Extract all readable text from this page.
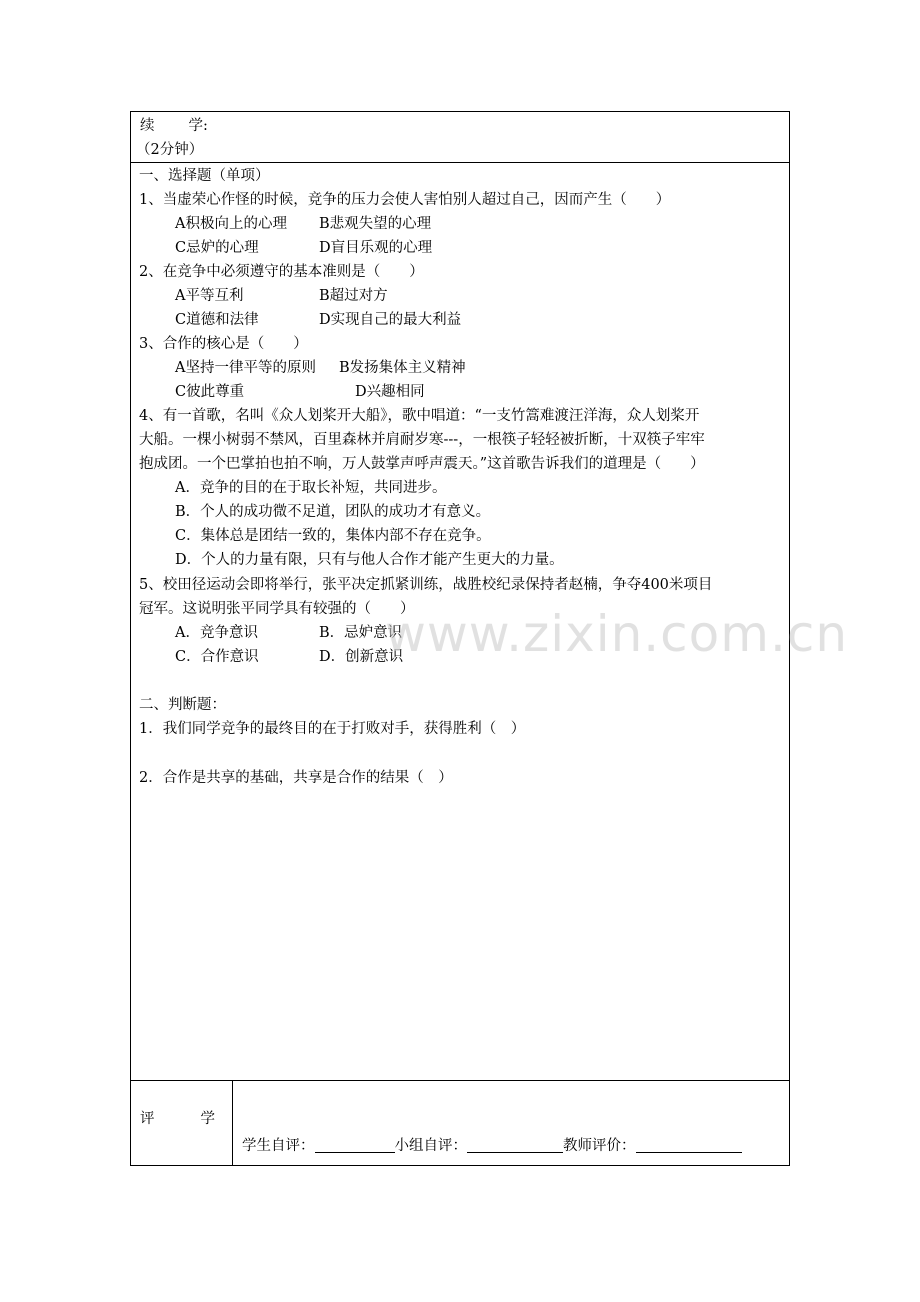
续 学:
（2分钟）
一、选择题（单项）
1、当虚荣心作怪的时候，竞争的压力会使人害怕别人超过自己，因而产生（　　）
A积极向上的心理 B悲观失望的心理
C忌妒的心理	D盲目乐观的心理
2、在竞争中必须遵守的基本准则是（　　）
A平等互利	B超过对方
C道德和法律	D实现自己的最大利益
3、合作的核心是（　　）
A坚持一律平等的原则 B发扬集体主义精神
C彼此尊重	D兴趣相同
4、有一首歌，名叫《众人划桨开大船》，歌中唱道：“一支竹篙难渡汪洋海，众人划桨开
大船。一棵小树弱不禁风，百里森林并肩耐岁寒---，一根筷子轻轻被折断，十双筷子牢牢
抱成团。一个巴掌拍也拍不响，万人鼓掌声呼声震天。”这首歌告诉我们的道理是（　　）
A．竞争的目的在于取长补短，共同进步。
B．个人的成功微不足道，团队的成功才有意义。
C．集体总是团结一致的，集体内部不存在竞争。
D．个人的力量有限，只有与他人合作才能产生更大的力量。
5、校田径运动会即将举行，张平决定抓紧训练，战胜校纪录保持者赵楠，争夺400米项目
冠军。这说明张平同学具有较强的（　　）
A．竞争意识	B．忌妒意识
C．合作意识	D．创新意识
二、判断题：
1．我们同学竞争的最终目的在于打败对手，获得胜利（　）
2．合作是共享的基础，共享是合作的结果（　）
评	学
学生自评：	小组自评：	教师评价：
www.zixin.com.cn
